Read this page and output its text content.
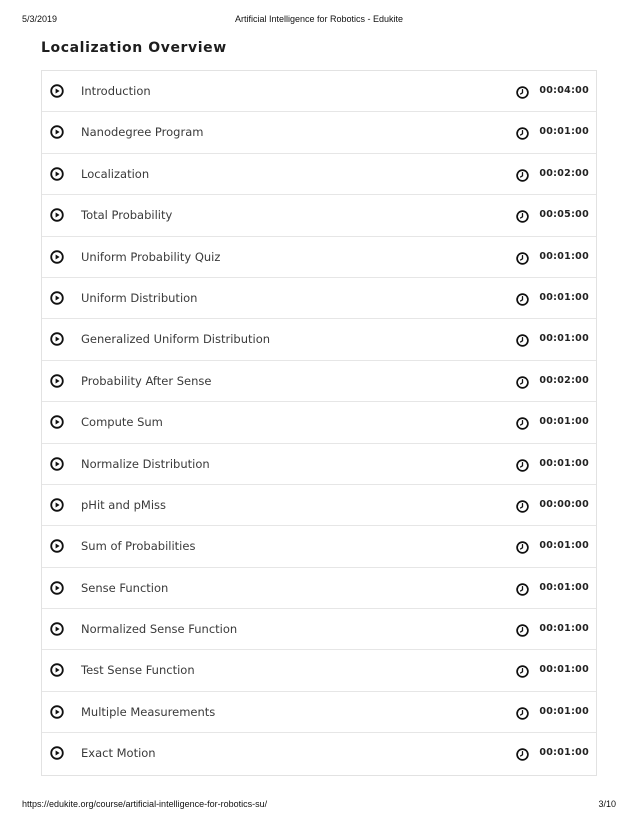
5/3/2019	Artificial Intelligence for Robotics - Edukite
Localization Overview
Introduction	00:04:00
Nanodegree Program	00:01:00
Localization	00:02:00
Total Probability	00:05:00
Uniform Probability Quiz	00:01:00
Uniform Distribution	00:01:00
Generalized Uniform Distribution	00:01:00
Probability After Sense	00:02:00
Compute Sum	00:01:00
Normalize Distribution	00:01:00
pHit and pMiss	00:00:00
Sum of Probabilities	00:01:00
Sense Function	00:01:00
Normalized Sense Function	00:01:00
Test Sense Function	00:01:00
Multiple Measurements	00:01:00
Exact Motion	00:01:00
https://edukite.org/course/artificial-intelligence-for-robotics-su/	3/10
